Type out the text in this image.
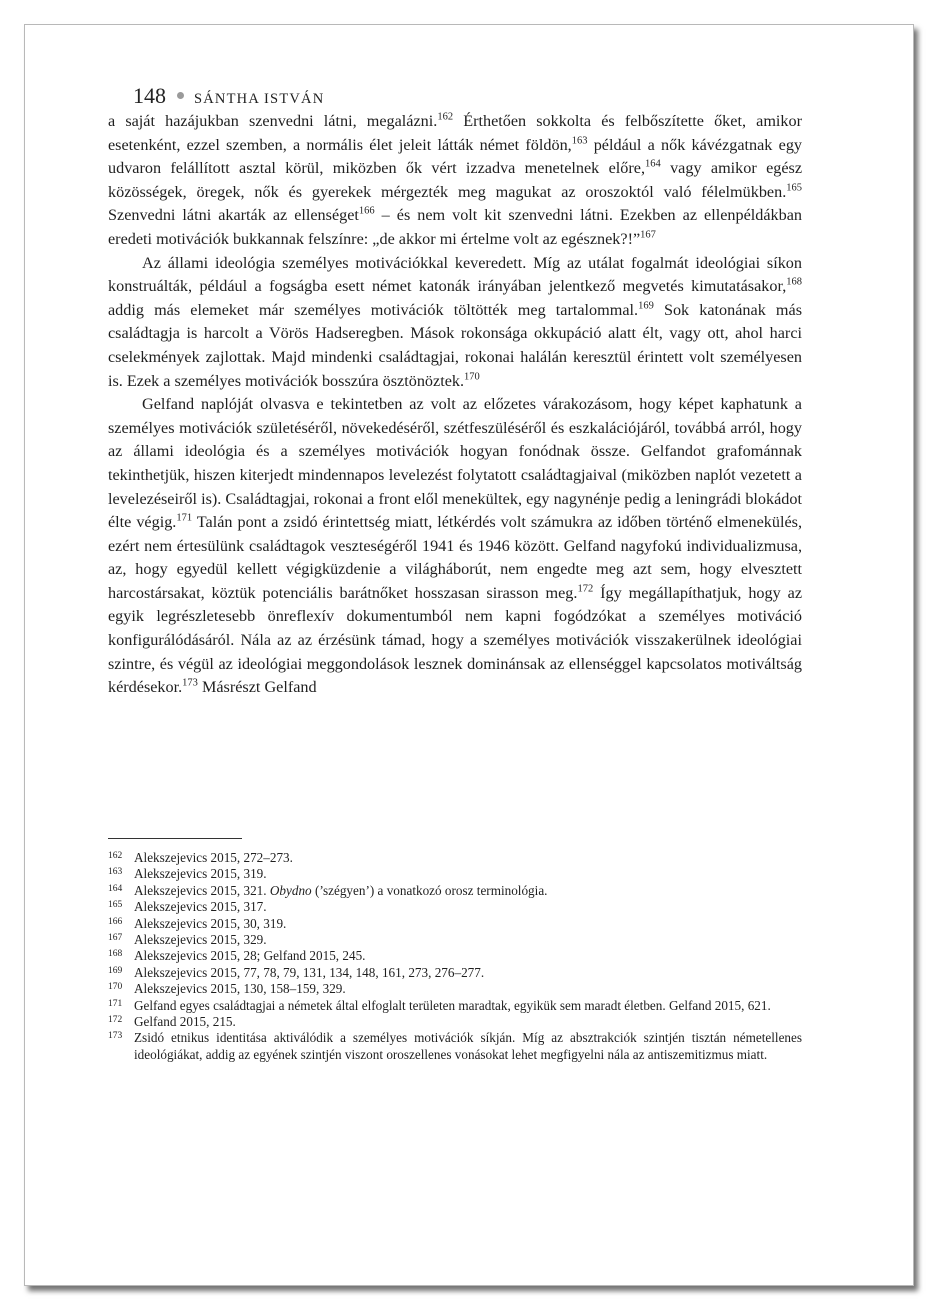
148 SÁNTHA ISTVÁN

a saját hazájukban szenvedni látni, megalázni.$^{162}$ Érthetően sokkolta és felbőszítette őket, amikor esetenként, ezzel szemben, a normális élet jeleit látták német földön,$^{163}$ például a nők kávézgatnak egy udvaron felállított asztal körül, miközben ők vért izzadva menetelnek előre,$^{164}$ vagy amikor egész közösségek, öregek, nők és gyerekek mérgezték meg magukat az oroszoktól való félelmükben.$^{165}$ Szenvedni látni akarták az ellenséget$^{166}$ – és nem volt kit szenvedni látni. Ezekben az ellenpéldákban eredeti motivációk bukkannak felszínre: „de akkor mi értelme volt az egésznek?!”$^{167}$

Az állami ideológia személyes motivációkkal keveredett. Míg az utálat fogalmát ideológiai síkon konstruálták, például a fogságba esett német katonák irányában jelentkező megvetés kimutatásakor,$^{168}$ addig más elemeket már személyes motivációk töltötték meg tartalommal.$^{169}$ Sok katonának más családtagja is harcolt a Vörös Hadseregben. Mások rokonsága okkupáció alatt élt, vagy ott, ahol harci cselekmények zajlottak. Majd mindenki családtagjai, rokonai halálán keresztül érintett volt személyesen is. Ezek a személyes motivációk bosszúra ösztönöztek.$^{170}$

Gelfand naplóját olvasva e tekintetben az volt az előzetes várakozásom, hogy képet kaphatunk a személyes motivációk születéséről, növekedéséről, szétfeszüléséről és eszkalációjáról, továbbá arról, hogy az állami ideológia és a személyes motivációk hogyan fonódnak össze. Gelfandot grafománnak tekinthetjük, hiszen kiterjedt mindennapos levelezést folytatott családtagjaival (miközben naplót vezetett a levelezéseiről is). Családtagjai, rokonai a front elől menekültek, egy nagynénje pedig a leningrádi blokádot élte végig.$^{171}$ Talán pont a zsidó érintettség miatt, létkérdés volt számukra az időben történő elmenekülés, ezért nem értesülünk családtagok veszteségéről 1941 és 1946 között. Gelfand nagyfokú individualizmusa, az, hogy egyedül kellett végigküzdenie a világháborút, nem engedte meg azt sem, hogy elvesztett harcostársakat, köztük potenciális barátnőket hosszasan sirasson meg.$^{172}$ Így megállapíthatjuk, hogy az egyik legrészletesebb önreflexív dokumentumból nem kapni fogódzókat a személyes motiváció konfigurálódásáról. Nála az az érzésünk támad, hogy a személyes motivációk visszakerülnek ideológiai szintre, és végül az ideológiai meggondolások lesznek dominánsak az ellenséggel kapcsolatos motiváltság kérdésekor.$^{173}$ Másrészt Gelfand

162 Alekszejevics 2015, 272–273.
163 Alekszejevics 2015, 319.
164 Alekszejevics 2015, 321. Obydno (’szégyen’) a vonatkozó orosz terminológia.
165 Alekszejevics 2015, 317.
166 Alekszejevics 2015, 30, 319.
167 Alekszejevics 2015, 329.
168 Alekszejevics 2015, 28; Gelfand 2015, 245.
169 Alekszejevics 2015, 77, 78, 79, 131, 134, 148, 161, 273, 276–277.
170 Alekszejevics 2015, 130, 158–159, 329.
171 Gelfand egyes családtagjai a németek által elfoglalt területen maradtak, egyikük sem maradt életben. Gelfand 2015, 621.
172 Gelfand 2015, 215.
173 Zsidó etnikus identitása aktiválódik a személyes motivációk síkján. Míg az absztrakciók szintjén tisztán németellenes ideológiákat, addig az egyének szintjén viszont oroszellenes vonásokat lehet megfigyelni nála az antiszemitizmus miatt.
